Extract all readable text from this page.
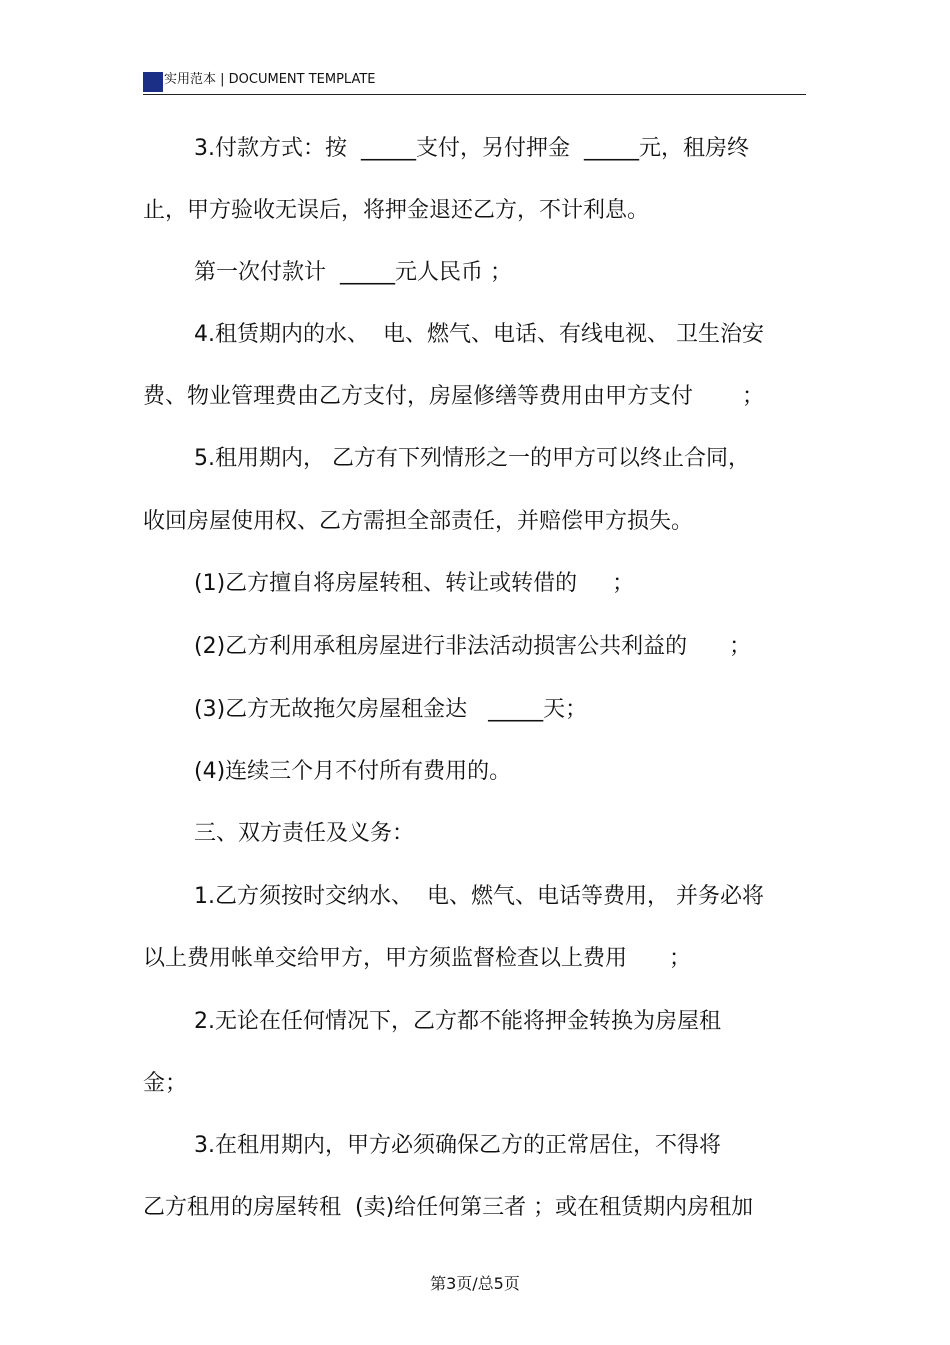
实用范本 | DOCUMENT TEMPLATE
3.付款方式：按  _____支付，另付押金  _____元，租房终
止，甲方验收无误后，将押金退还乙方，不计利息。
第一次付款计  _____元人民币 ；
4.租赁期内的水、  电、燃气、电话、有线电视、 卫生治安
费、物业管理费由乙方支付，房屋修缮等费用由甲方支付       ；
5.租用期内， 乙方有下列情形之一的甲方可以终止合同，
收回房屋使用权、乙方需担全部责任，并赔偿甲方损失。
(1)乙方擅自将房屋转租、转让或转借的     ；
(2)乙方利用承租房屋进行非法活动损害公共利益的      ；
(3)乙方无故拖欠房屋租金达   _____天；
(4)连续三个月不付所有费用的。
三、双方责任及义务：
1.乙方须按时交纳水、  电、燃气、电话等费用， 并务必将
以上费用帐单交给甲方，甲方须监督检查以上费用      ；
2.无论在任何情况下，乙方都不能将押金转换为房屋租
金；
3.在租用期内，甲方必须确保乙方的正常居住，不得将
乙方租用的房屋转租  (卖)给任何第三者 ；或在租赁期内房租加
第3页/总5页
